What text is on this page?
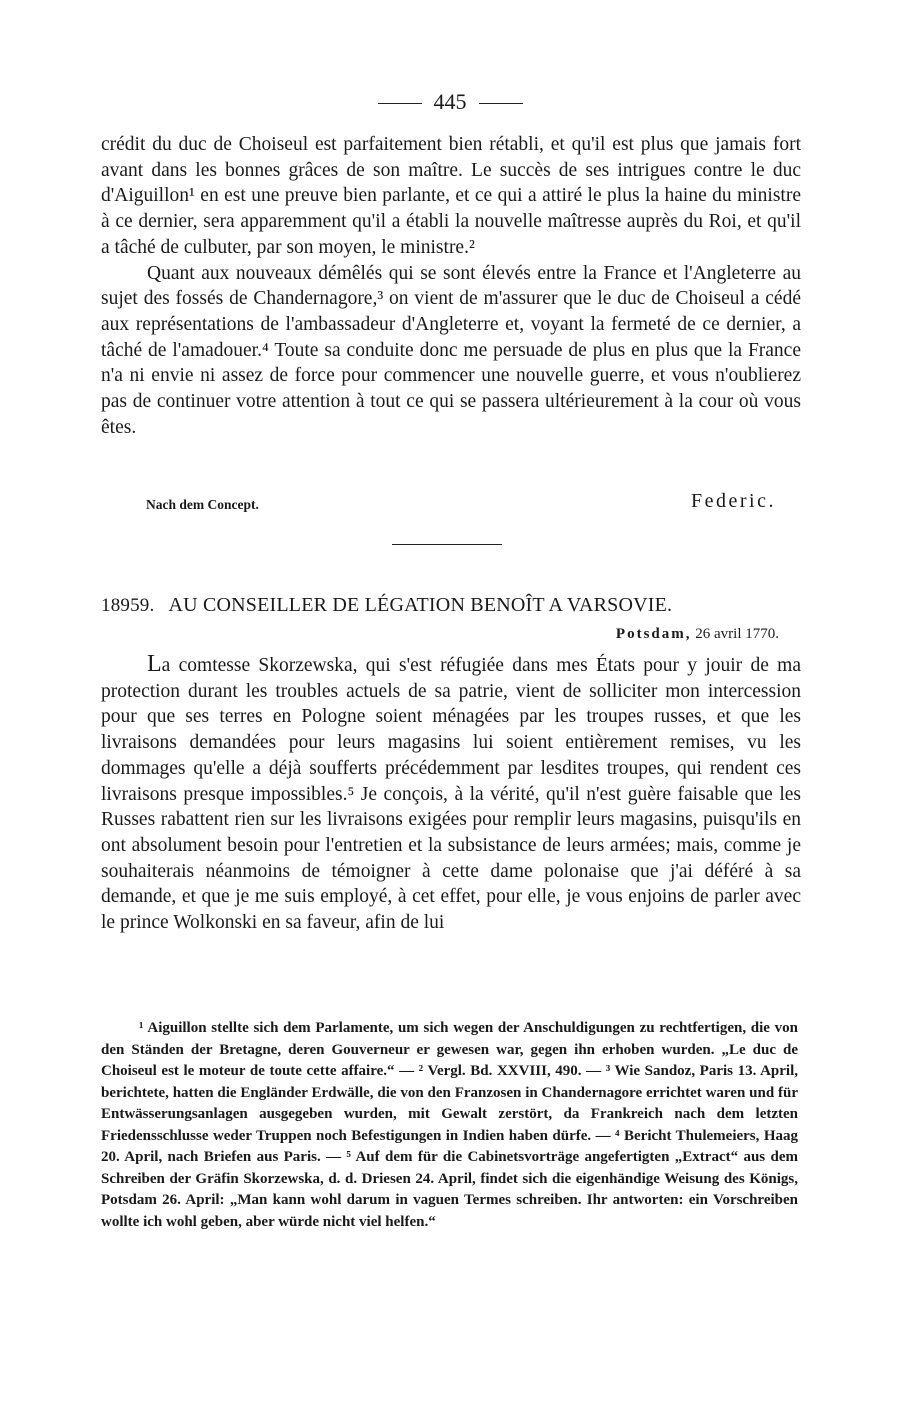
445

crédit du duc de Choiseul est parfaitement bien rétabli, et qu'il est plus que jamais fort avant dans les bonnes grâces de son maître. Le succès de ses intrigues contre le duc d'Aiguillon¹ en est une preuve bien parlante, et ce qui a attiré le plus la haine du ministre à ce dernier, sera apparemment qu'il a établi la nouvelle maîtresse auprès du Roi, et qu'il a tâché de culbuter, par son moyen, le ministre.²

Quant aux nouveaux démêlés qui se sont élevés entre la France et l'Angleterre au sujet des fossés de Chandernagore,³ on vient de m'assurer que le duc de Choiseul a cédé aux représentations de l'ambassadeur d'Angleterre et, voyant la fermeté de ce dernier, a tâché de l'amadouer.⁴ Toute sa conduite donc me persuade de plus en plus que la France n'a ni envie ni assez de force pour commencer une nouvelle guerre, et vous n'oublierez pas de continuer votre attention à tout ce qui se passera ultérieurement à la cour où vous êtes.

Nach dem Concept.	Federic.
18959. AU CONSEILLER DE LÉGATION BENOÎT A VARSOVIE.
Potsdam, 26 avril 1770.

La comtesse Skorzewska, qui s'est réfugiée dans mes États pour y jouir de ma protection durant les troubles actuels de sa patrie, vient de solliciter mon intercession pour que ses terres en Pologne soient ménagées par les troupes russes, et que les livraisons demandées pour leurs magasins lui soient entièrement remises, vu les dommages qu'elle a déjà soufferts précédemment par lesdites troupes, qui rendent ces livraisons presque impossibles.⁵ Je conçois, à la vérité, qu'il n'est guère faisable que les Russes rabattent rien sur les livraisons exigées pour remplir leurs magasins, puisqu'ils en ont absolument besoin pour l'entretien et la subsistance de leurs armées; mais, comme je souhaiterais néanmoins de témoigner à cette dame polonaise que j'ai déféré à sa demande, et que je me suis employé, à cet effet, pour elle, je vous enjoins de parler avec le prince Wolkonski en sa faveur, afin de lui

¹ Aiguillon stellte sich dem Parlamente, um sich wegen der Anschuldigungen zu rechtfertigen, die von den Ständen der Bretagne, deren Gouverneur er gewesen war, gegen ihn erhoben wurden. „Le duc de Choiseul est le moteur de toute cette affaire.“ — ² Vergl. Bd. XXVIII, 490. — ³ Wie Sandoz, Paris 13. April, berichtete, hatten die Engländer Erdwälle, die von den Franzosen in Chandernagore errichtet waren und für Entwässerungsanlagen ausgegeben wurden, mit Gewalt zerstört, da Frankreich nach dem letzten Friedensschlusse weder Truppen noch Befestigungen in Indien haben dürfe. — ⁴ Bericht Thulemeiers, Haag 20. April, nach Briefen aus Paris. — ⁵ Auf dem für die Cabinetsvorträge angefertigten „Extract“ aus dem Schreiben der Gräfin Skorzewska, d. d. Driesen 24. April, findet sich die eigenhändige Weisung des Königs, Potsdam 26. April: „Man kann wohl darum in vaguen Termes schreiben. Ihr antworten: ein Vorschreiben wollte ich wohl geben, aber würde nicht viel helfen.“
